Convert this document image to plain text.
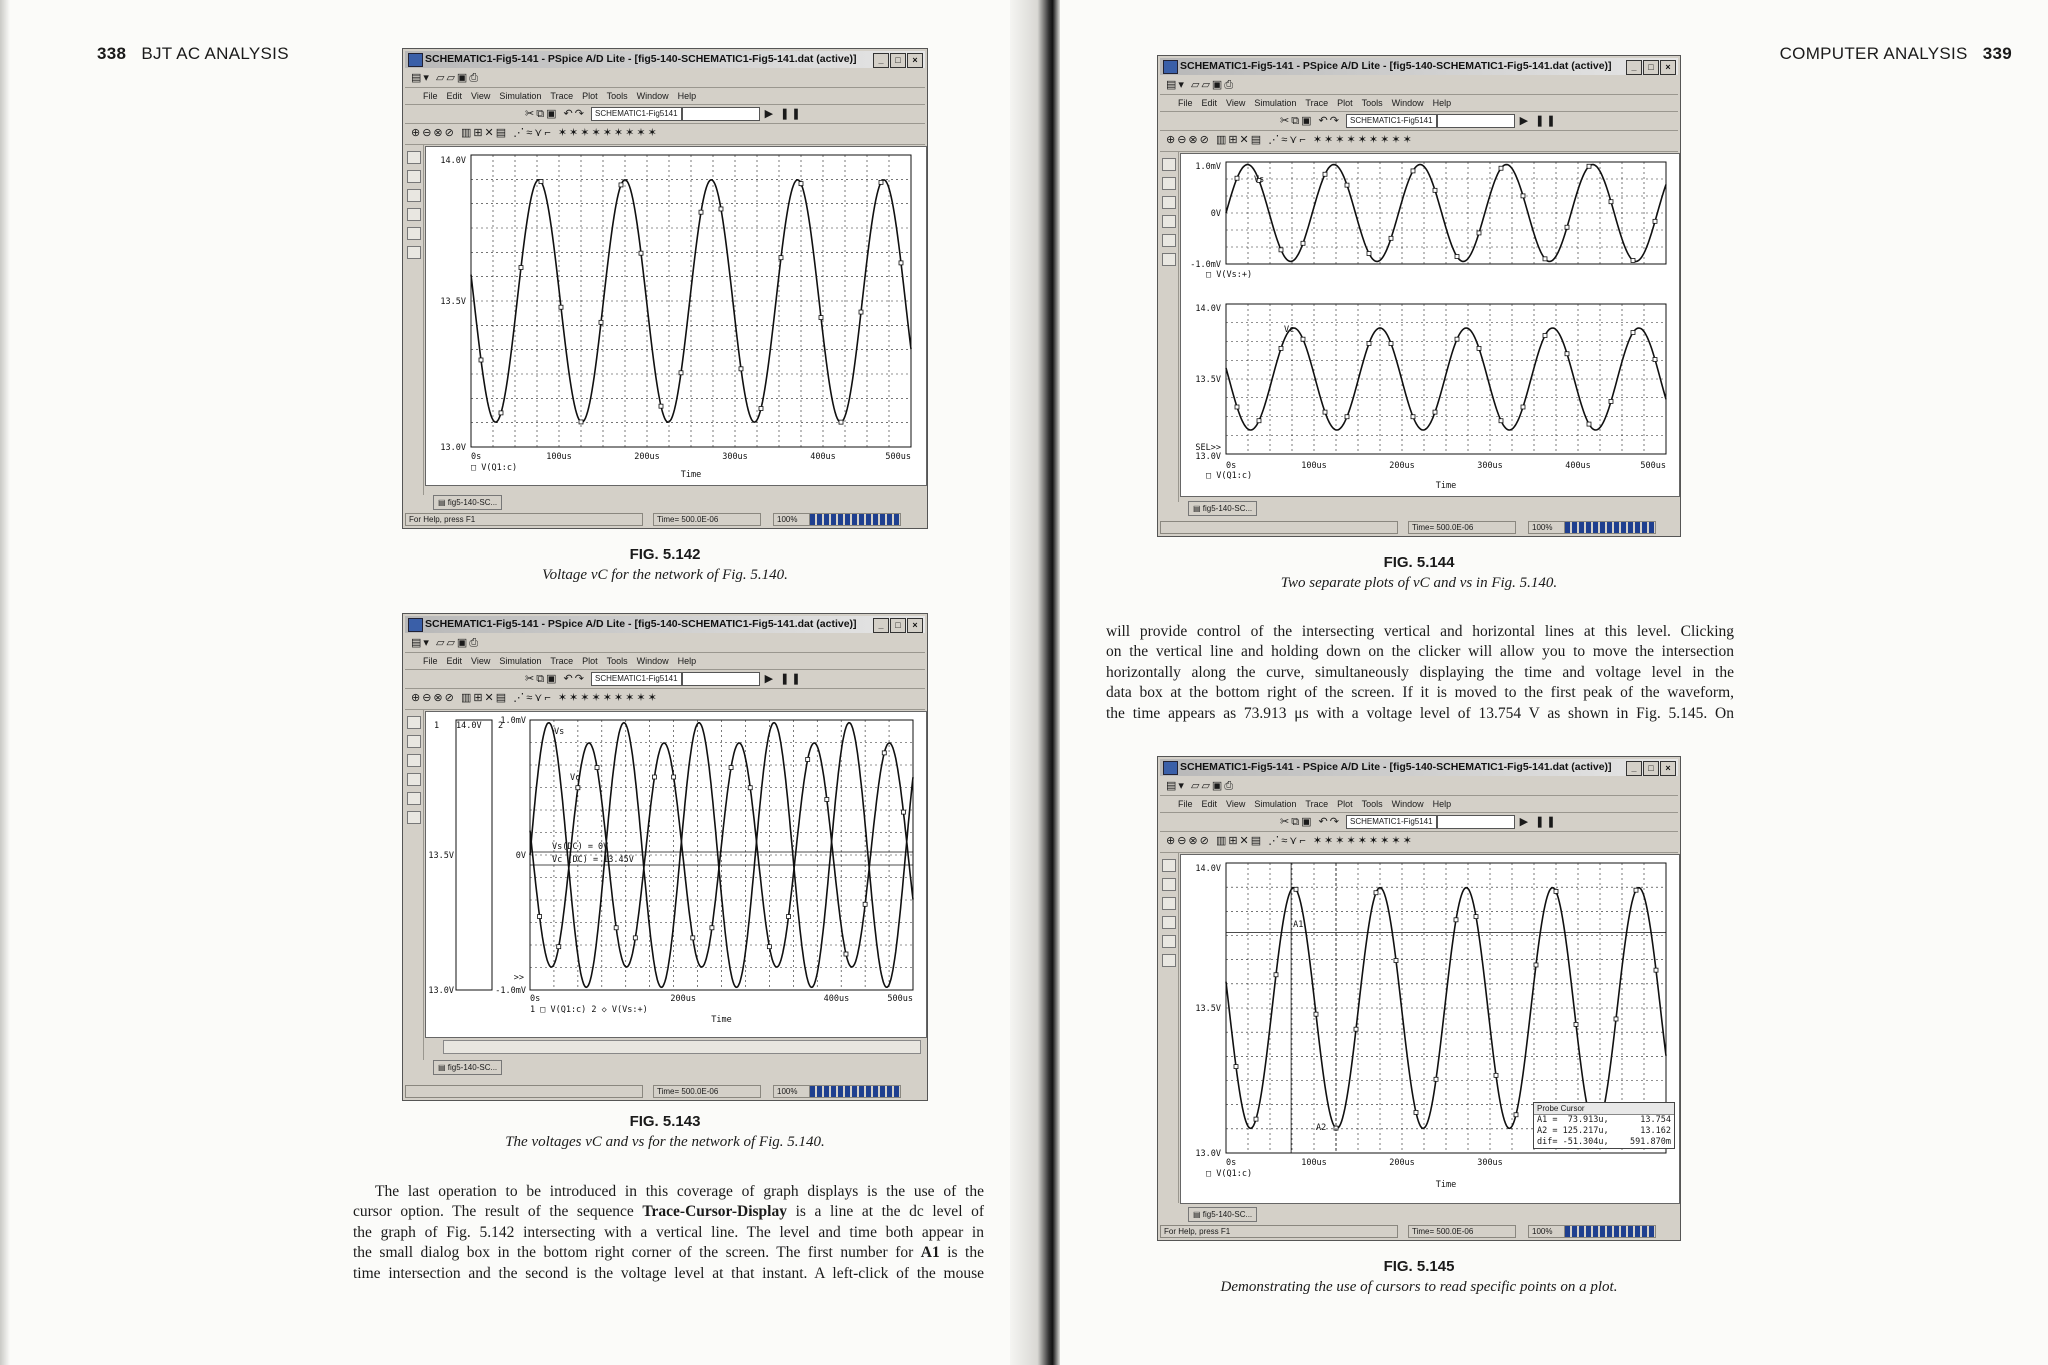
338 BJT AC ANALYSIS	COMPUTER ANALYSIS 339
SCHEMATIC1-Fig5-141 - PSpice A/D Lite - [fig5-140-SCHEMATIC1-Fig5-141.dat (active)]	_ □ ×
▤▾ ▱▱▣⎙
File Edit View Simulation Trace Plot Tools Window Help
✂⧉▣ ↶↷ SCHEMATIC1-Fig5141	▶ ❚❚
⊕⊖⊗⊘ ▥⊞✕▤ ⋰≈⋎⌐ ✶✶✶✶✶✶✶✶✶
14.0V
13.5V
13.0V
0s	100us	200us	300us	400us	500us
□ V(Q1:c)
Time
▤ fig5-140-SC...
For Help, press F1	Time= 500.0E-06	100%
FIG. 5.142
Voltage vC for the network of Fig. 5.140.
SCHEMATIC1-Fig5-141 - PSpice A/D Lite - [fig5-140-SCHEMATIC1-Fig5-141.dat (active)]	_ □ ×
▤▾ ▱▱▣⎙
File Edit View Simulation Trace Plot Tools Window Help
✂⧉▣ ↶↷ SCHEMATIC1-Fig5141	▶ ❚❚
⊕⊖⊗⊘ ▥⊞✕▤ ⋰≈⋎⌐ ✶✶✶✶✶✶✶✶✶
1 14.0V
13.5V
13.0V
2
1.0mV
0V
-1.0mV
>>
Vs
Vc
Vs(DC) = 0V
Vc (DC) = 13.45V
0s	200us	400us	500us
1 □ V(Q1:c) 2 ◇ V(Vs:+)
Time
▤ fig5-140-SC...
Time= 500.0E-06	100%
FIG. 5.143
The voltages vC and vs for the network of Fig. 5.140.
The last operation to be introduced in this coverage of graph displays is the use of the
cursor option. The result of the sequence Trace-Cursor-Display is a line at the dc level of
the graph of Fig. 5.142 intersecting with a vertical line. The level and time both appear in
the small dialog box in the bottom right corner of the screen. The first number for A1 is the
time intersection and the second is the voltage level at that instant. A left-click of the mouse
SCHEMATIC1-Fig5-141 - PSpice A/D Lite - [fig5-140-SCHEMATIC1-Fig5-141.dat (active)]	_ □ ×
▤▾ ▱▱▣⎙
File Edit View Simulation Trace Plot Tools Window Help
✂⧉▣ ↶↷ SCHEMATIC1-Fig5141	▶ ❚❚
⊕⊖⊗⊘ ▥⊞✕▤ ⋰≈⋎⌐ ✶✶✶✶✶✶✶✶✶
1.0mV
0V
-1.0mV
Vs
□ V(Vs:+)
14.0V
13.5V
SEL>>
13.0V
Vc
0s	100us	200us	300us	400us	500us
□ V(Q1:c)
Time
▤ fig5-140-SC...
Time= 500.0E-06	100%
FIG. 5.144
Two separate plots of vC and vs in Fig. 5.140.
will provide control of the intersecting vertical and horizontal lines at this level. Clicking
on the vertical line and holding down on the clicker will allow you to move the intersection
horizontally along the curve, simultaneously displaying the time and voltage level in the
data box at the bottom right of the screen. If it is moved to the first peak of the waveform,
the time appears as 73.913 μs with a voltage level of 13.754 V as shown in Fig. 5.145. On
SCHEMATIC1-Fig5-141 - PSpice A/D Lite - [fig5-140-SCHEMATIC1-Fig5-141.dat (active)]	_ □ ×
▤▾ ▱▱▣⎙
File Edit View Simulation Trace Plot Tools Window Help
✂⧉▣ ↶↷ SCHEMATIC1-Fig5141	▶ ❚❚
⊕⊖⊗⊘ ▥⊞✕▤ ⋰≈⋎⌐ ✶✶✶✶✶✶✶✶✶
A1
A2
14.0V
13.5V
13.0V
0s	100us	200us	300us
□ V(Q1:c)
Time
Probe Cursor
A1 =  73.913u,	13.754
A2 = 125.217u,	13.162
dif= -51.304u,	591.870m
▤ fig5-140-SC...
For Help, press F1	Time= 500.0E-06	100%
FIG. 5.145
Demonstrating the use of cursors to read specific points on a plot.
